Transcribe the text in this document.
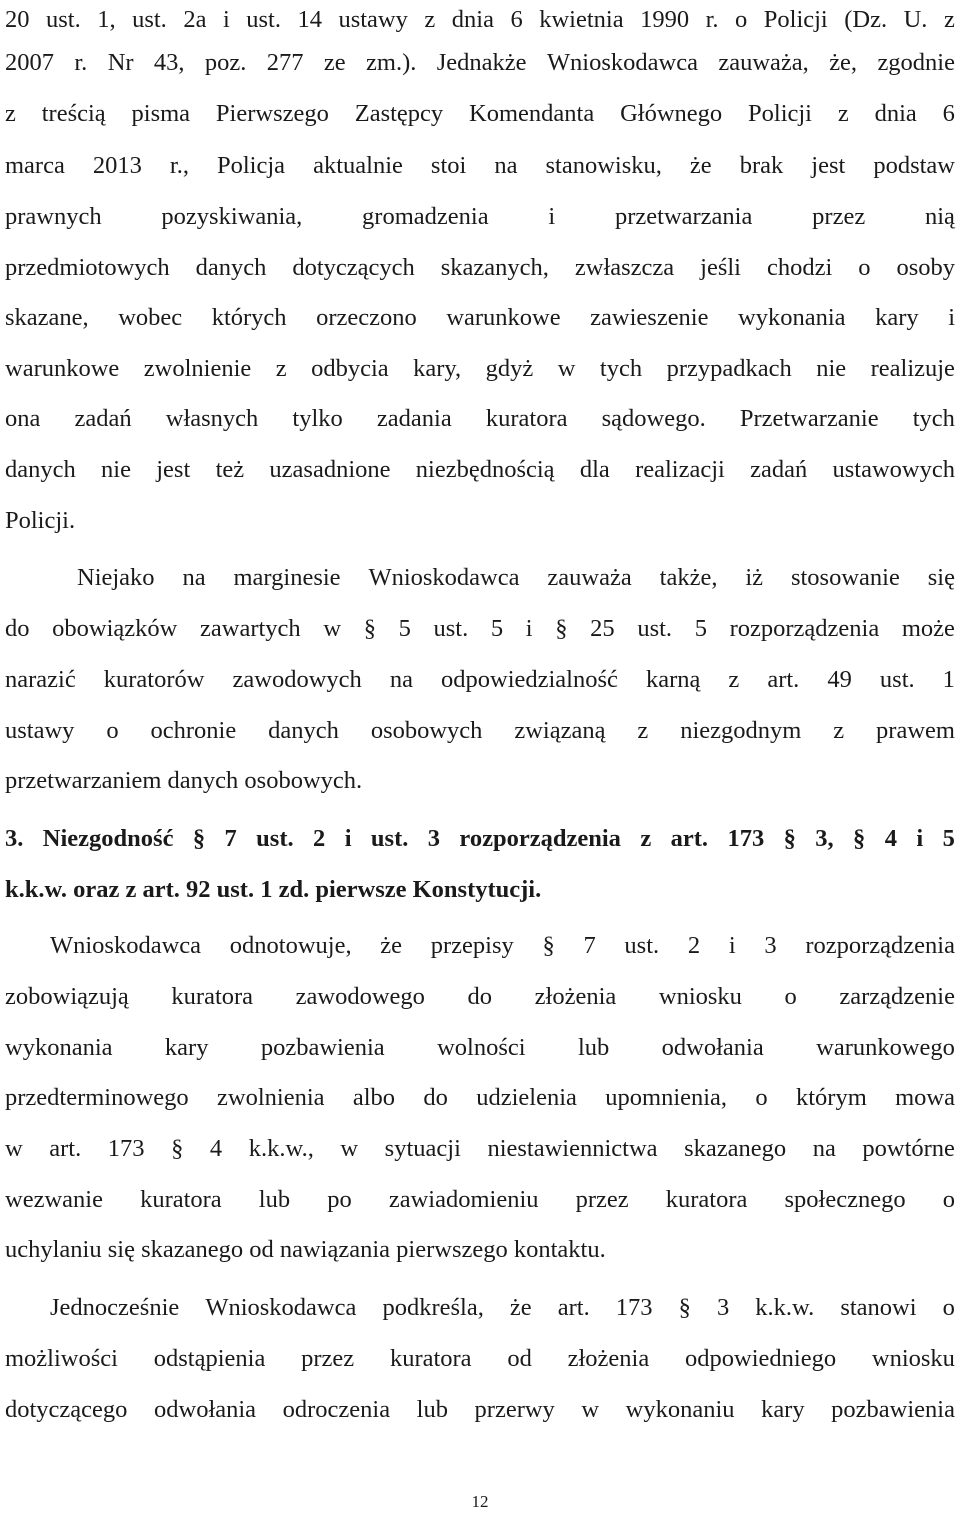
20 ust. 1, ust. 2a i ust. 14 ustawy z dnia 6 kwietnia 1990 r. o Policji (Dz. U. z
2007 r. Nr 43, poz. 277 ze zm.). Jednakże Wnioskodawca zauważa, że, zgodnie
z treścią pisma Pierwszego Zastępcy Komendanta Głównego Policji z dnia 6
marca 2013 r., Policja aktualnie stoi na stanowisku, że brak jest podstaw
prawnych pozyskiwania, gromadzenia i przetwarzania przez nią
przedmiotowych danych dotyczących skazanych, zwłaszcza jeśli chodzi o osoby
skazane, wobec których orzeczono warunkowe zawieszenie wykonania kary i
warunkowe zwolnienie z odbycia kary, gdyż w tych przypadkach nie realizuje
ona zadań własnych tylko zadania kuratora sądowego. Przetwarzanie tych
danych nie jest też uzasadnione niezbędnością dla realizacji zadań ustawowych
Policji.
Niejako na marginesie Wnioskodawca zauważa także, iż stosowanie się
do obowiązków zawartych w § 5 ust. 5 i § 25 ust. 5 rozporządzenia może
narazić kuratorów zawodowych na odpowiedzialność karną z art. 49 ust. 1
ustawy o ochronie danych osobowych związaną z niezgodnym z prawem
przetwarzaniem danych osobowych.
3. Niezgodność § 7 ust. 2 i ust. 3 rozporządzenia z art. 173 § 3, § 4 i 5
k.k.w. oraz z art. 92 ust. 1 zd. pierwsze Konstytucji.
Wnioskodawca odnotowuje, że przepisy § 7 ust. 2 i 3 rozporządzenia
zobowiązują kuratora zawodowego do złożenia wniosku o zarządzenie
wykonania kary pozbawienia wolności lub odwołania warunkowego
przedterminowego zwolnienia albo do udzielenia upomnienia, o którym mowa
w art. 173 § 4 k.k.w., w sytuacji niestawiennictwa skazanego na powtórne
wezwanie kuratora lub po zawiadomieniu przez kuratora społecznego o
uchylaniu się skazanego od nawiązania pierwszego kontaktu.
Jednocześnie Wnioskodawca podkreśla, że art. 173 § 3 k.k.w. stanowi o
możliwości odstąpienia przez kuratora od złożenia odpowiedniego wniosku
dotyczącego odwołania odroczenia lub przerwy w wykonaniu kary pozbawienia
12
